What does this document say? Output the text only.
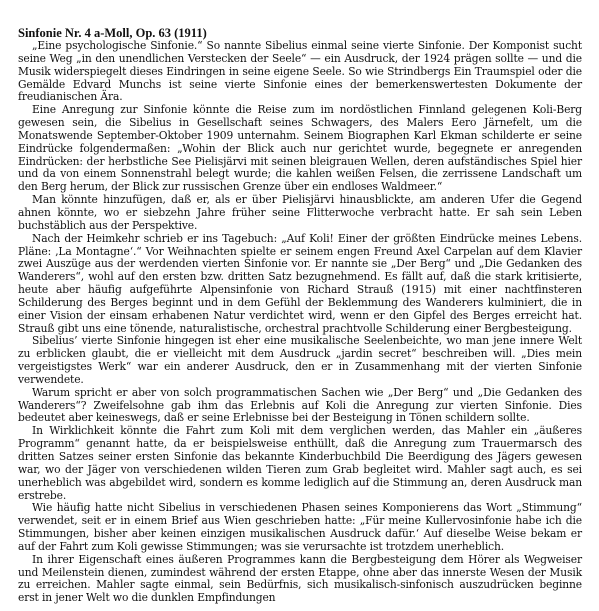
Sinfonie Nr. 4 a-Moll, Op. 63 (1911)

„Eine psychologische Sinfonie.“ So nannte Sibelius einmal seine vierte Sinfonie. Der Komponist sucht seine Weg „in den unendlichen Verstecken der Seele“ — ein Ausdruck, der 1924 prägen sollte — und die Musik widerspiegelt dieses Eindringen in seine eigene Seele. So wie Strindbergs Ein Traumspiel oder die Gemälde Edvard Munchs ist seine vierte Sinfonie eines der bemerkenswertesten Dokumente der freudianischen Ära.

Eine Anregung zur Sinfonie könnte die Reise zum im nordöstlichen Finnland gelegenen Koli-Berg gewesen sein, die Sibelius in Gesellschaft seines Schwagers, des Malers Eero Järnefelt, um die Monatswende September-Oktober 1909 unternahm. Seinem Biographen Karl Ekman schilderte er seine Eindrücke folgendermaßen: „Wohin der Blick auch nur gerichtet wurde, begegnete er anregenden Eindrücken: der herbstliche See Pielisjärvi mit seinen bleigrauen Wellen, deren aufständisches Spiel hier und da von einem Sonnenstrahl belegt wurde; die kahlen weißen Felsen, die zerrissene Landschaft um den Berg herum, der Blick zur russischen Grenze über ein endloses Waldmeer.“

Man könnte hinzufügen, daß er, als er über Pielisjärvi hinausblickte, am anderen Ufer die Gegend ahnen könnte, wo er siebzehn Jahre früher seine Flitterwoche verbracht hatte. Er sah sein Leben buchstäblich aus der Perspektive.

Nach der Heimkehr schrieb er ins Tagebuch: „Auf Koli! Einer der größten Eindrücke meines Lebens. Pläne: ‚La Montagne‘.“ Vor Weihnachten spielte er seinem engen Freund Axel Carpelan auf dem Klavier zwei Auszüge aus der werdenden vierten Sinfonie vor. Er nannte sie „Der Berg“ und „Die Gedanken des Wanderers“, wohl auf den ersten bzw. dritten Satz bezugnehmend. Es fällt auf, daß die stark kritisierte, heute aber häufig aufgeführte Alpensinfonie von Richard Strauß (1915) mit einer nachtfinsteren Schilderung des Berges beginnt und in dem Gefühl der Beklemmung des Wanderers kulminiert, die in einer Vision der einsam erhabenen Natur verdichtet wird, wenn er den Gipfel des Berges erreicht hat. Strauß gibt uns eine tönende, naturalistische, orchestral prachtvolle Schilderung einer Bergbesteigung.

Sibelius’ vierte Sinfonie hingegen ist eher eine musikalische Seelenbeichte, wo man jene innere Welt zu erblicken glaubt, die er vielleicht mit dem Ausdruck „jardin secret“ beschreiben will. „Dies mein vergeistigstes Werk“ war ein anderer Ausdruck, den er in Zusammenhang mit der vierten Sinfonie verwendete.

Warum spricht er aber von solch programmatischen Sachen wie „Der Berg“ und „Die Gedanken des Wanderers“? Zweifelsohne gab ihm das Erlebnis auf Koli die Anregung zur vierten Sinfonie. Dies bedeutet aber keineswegs, daß er seine Erlebnisse bei der Besteigung in Tönen schildern sollte.

In Wirklichkeit könnte die Fahrt zum Koli mit dem verglichen werden, das Mahler ein „äußeres Programm“ genannt hatte, da er beispielsweise enthüllt, daß die Anregung zum Trauermarsch des dritten Satzes seiner ersten Sinfonie das bekannte Kinderbuchbild Die Beerdigung des Jägers gewesen war, wo der Jäger von verschiedenen wilden Tieren zum Grab begleitet wird. Mahler sagt auch, es sei unerheblich was abgebildet wird, sondern es komme lediglich auf die Stimmung an, deren Ausdruck man erstrebe.

Wie häufig hatte nicht Sibelius in verschiedenen Phasen seines Komponierens das Wort „Stimmung“ verwendet, seit er in einem Brief aus Wien geschrieben hatte: „Für meine Kullervosinfonie habe ich die Stimmungen, bisher aber keinen einzigen musikalischen Ausdruck dafür.‘ Auf dieselbe Weise bekam er auf der Fahrt zum Koli gewisse Stimmungen; was sie verursachte ist trotzdem unerheblich.

In ihrer Eigenschaft eines äußeren Programmes kann die Bergbesteigung dem Hörer als Wegweiser und Meilenstein dienen, zumindest während der ersten Etappe, ohne aber das innerste Wesen der Musik zu erreichen. Mahler sagte einmal, sein Bedürfnis, sich musikalisch-sinfonisch auszudrücken beginne erst in jener Welt wo die dunklen Empfindungen
